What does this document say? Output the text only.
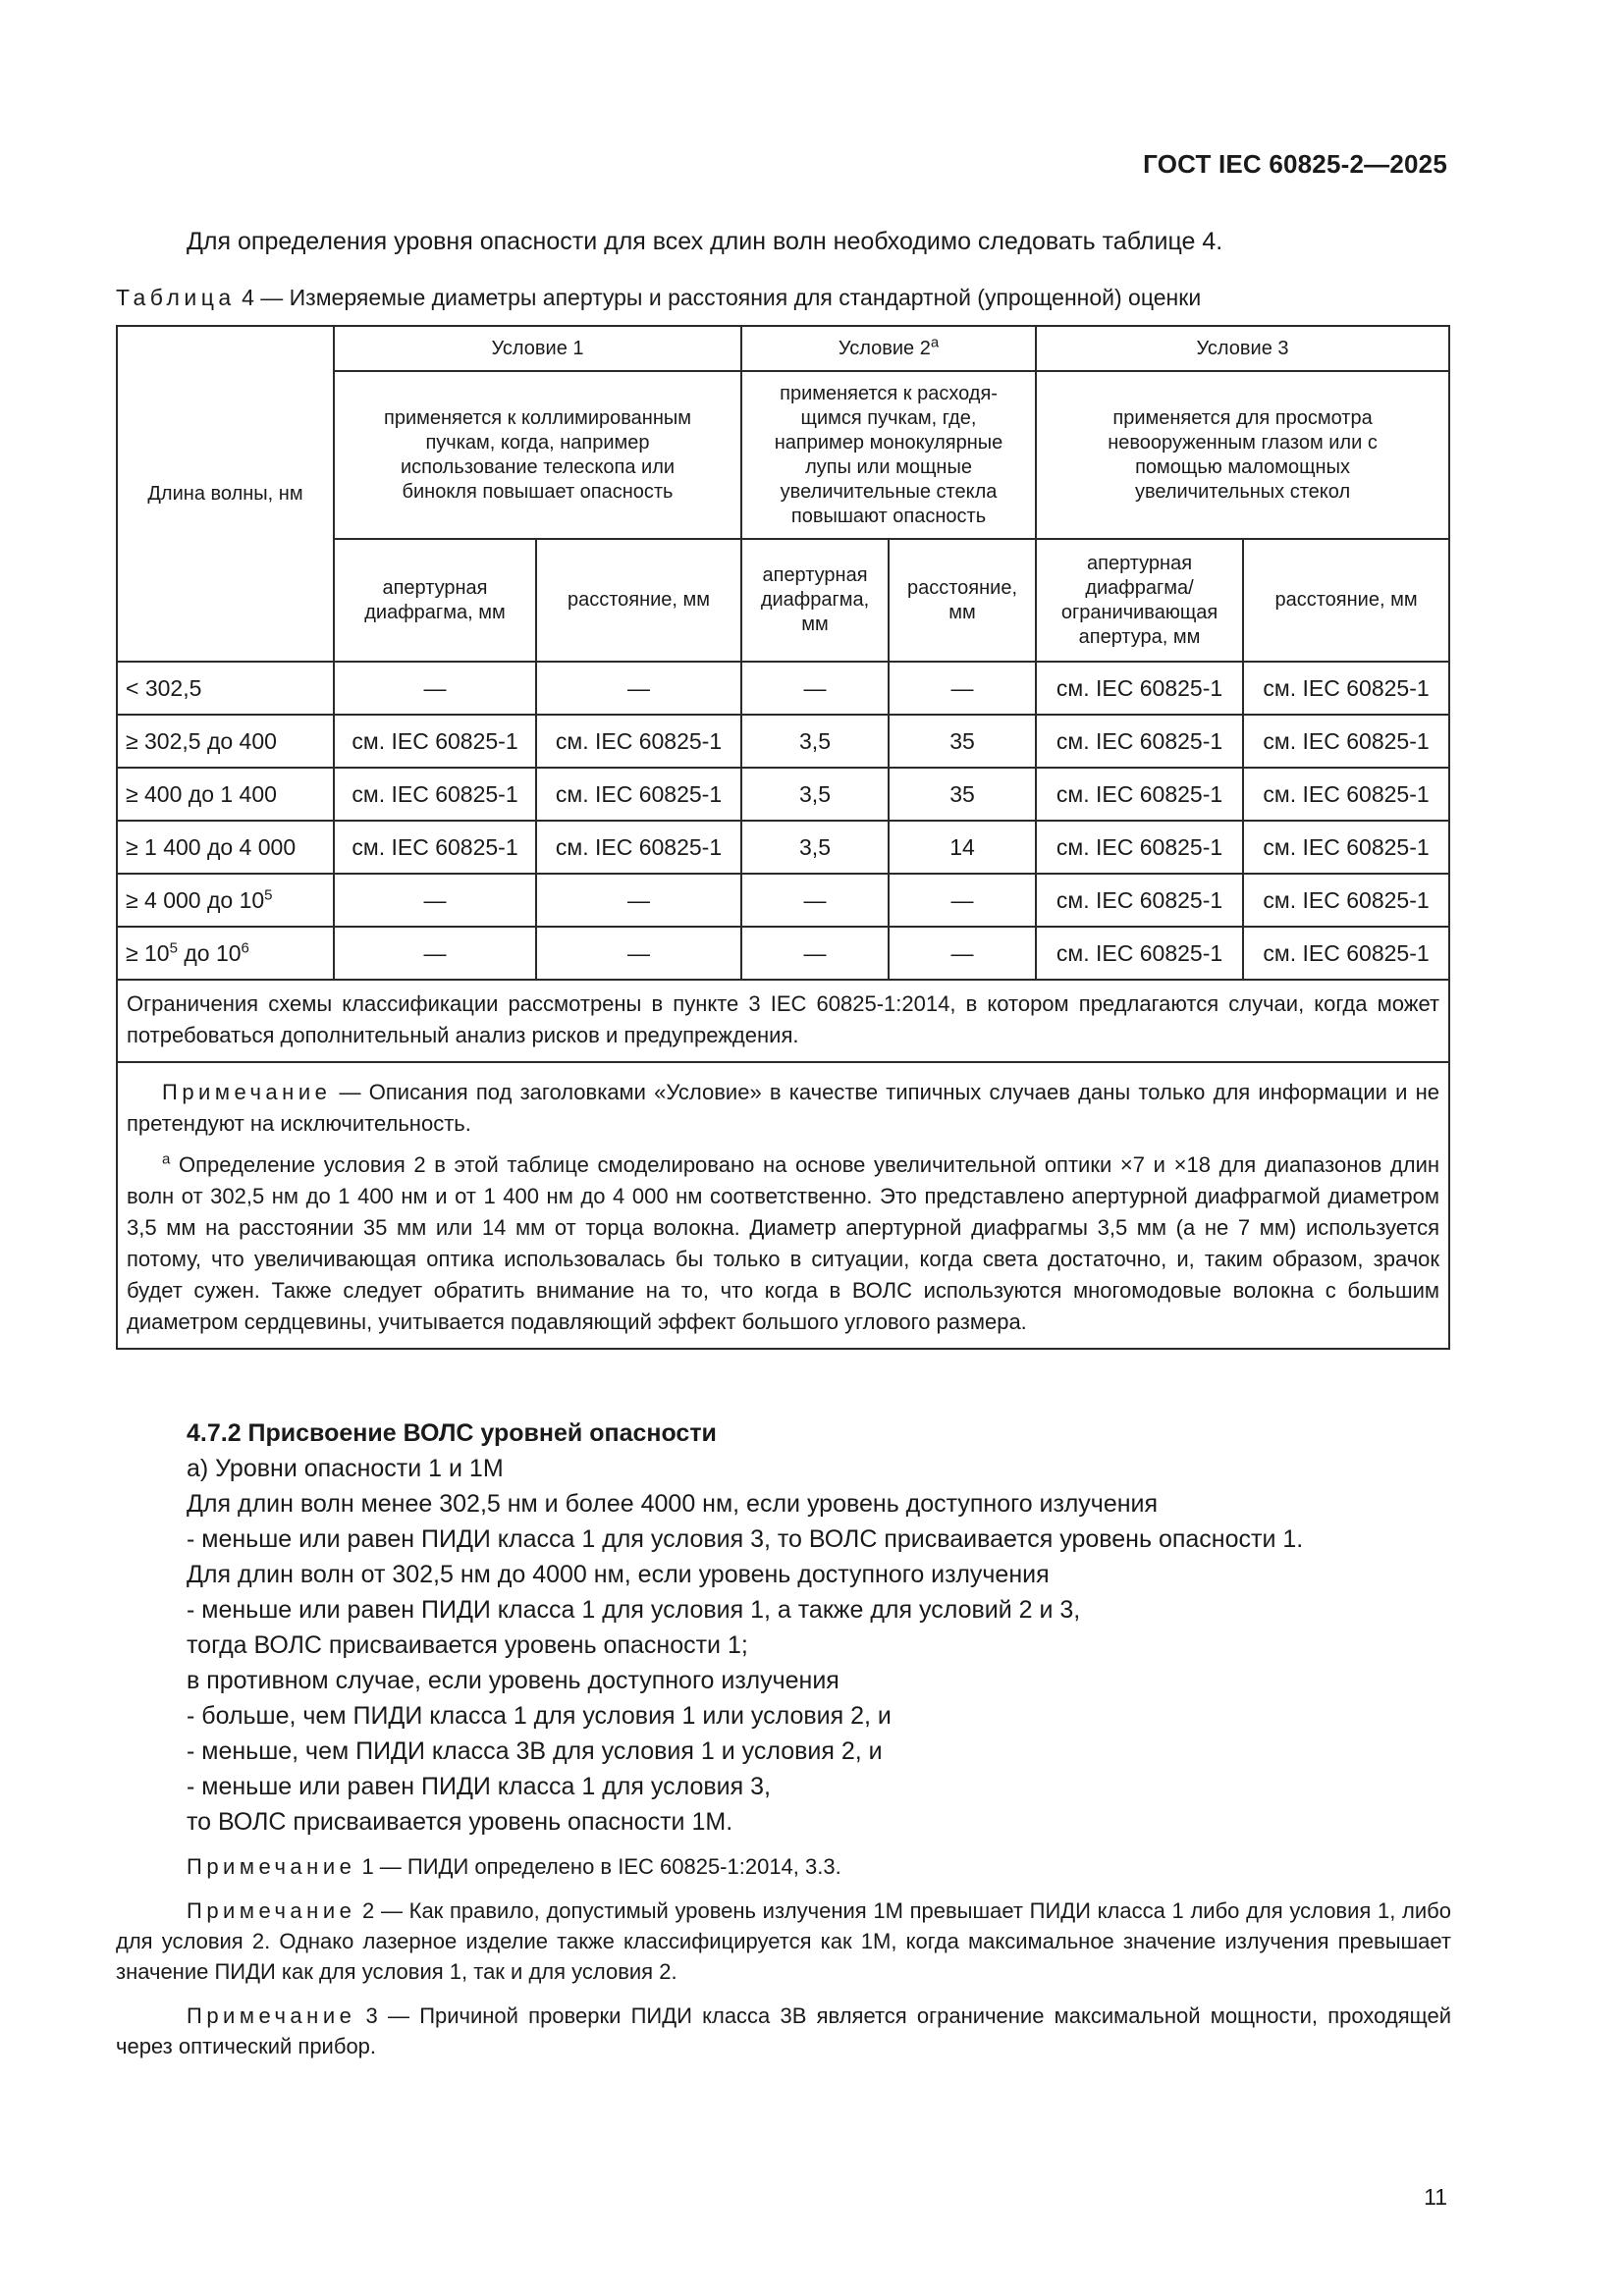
ГОСТ IEC 60825-2—2025
Для определения уровня опасности для всех длин волн необходимо следовать таблице 4.
Таблица 4 — Измеряемые диаметры апертуры и расстояния для стандартной (упрощенной) оценки
Длина волны, нм	Условие 1		Условие 2$^a$		Условие 3	
	применяется к коллимированным пучкам, когда, например использование телескопа или бинокля повышает опасность		применяется к расходя-щимся пучкам, где, например монокулярные лупы или мощные увеличительные стекла повышают опасность		применяется для просмотра невооруженным глазом или с помощью маломощных увеличительных стекол	
	апертурная диафрагма, мм	расстояние, мм	апертурная диафрагма, мм	расстояние, мм	апертурная диафрагма/ ограничивающая апертура, мм	расстояние, мм
< 302,5	—	—	—	—	см. IEC 60825-1	см. IEC 60825-1
≥ 302,5 до 400	см. IEC 60825-1	см. IEC 60825-1	3,5	35	см. IEC 60825-1	см. IEC 60825-1
≥ 400 до 1 400	см. IEC 60825-1	см. IEC 60825-1	3,5	35	см. IEC 60825-1	см. IEC 60825-1
≥ 1 400 до 4 000	см. IEC 60825-1	см. IEC 60825-1	3,5	14	см. IEC 60825-1	см. IEC 60825-1
≥ 4 000 до $10^5$	—	—	—	—	см. IEC 60825-1	см. IEC 60825-1
≥ $10^5$ до $10^6$	—	—	—	—	см. IEC 60825-1	см. IEC 60825-1

Ограничения схемы классификации рассмотрены в пункте 3 IEC 60825-1:2014, в котором предлагаются случаи, когда может потребоваться дополнительный анализ рисков и предупреждения.						

Примечание — Описания под заголовками «Условие» в качестве типичных случаев даны только для информации и не претендуют на исключительность.

$^a$ Определение условия 2 в этой таблице смоделировано на основе увеличительной оптики ×7 и ×18 для диапазонов длин волн от 302,5 нм до 1 400 нм и от 1 400 нм до 4 000 нм соответственно. Это представлено апертурной диафрагмой диаметром 3,5 мм на расстоянии 35 мм или 14 мм от торца волокна. Диаметр апертурной диафрагмы 3,5 мм (а не 7 мм) используется потому, что увеличивающая оптика использовалась бы только в ситуации, когда света достаточно, и, таким образом, зрачок будет сужен. Также следует обратить внимание на то, что когда в ВОЛС используются многомодовые волокна с большим диаметром сердцевины, учитывается подавляющий эффект большого углового размера.						

4.7.2 Присвоение ВОЛС уровней опасности
а) Уровни опасности 1 и 1М
Для длин волн менее 302,5 нм и более 4000 нм, если уровень доступного излучения
- меньше или равен ПИДИ класса 1 для условия 3, то ВОЛС присваивается уровень опасности 1.
Для длин волн от 302,5 нм до 4000 нм, если уровень доступного излучения
- меньше или равен ПИДИ класса 1 для условия 1, а также для условий 2 и 3,
тогда ВОЛС присваивается уровень опасности 1;
в противном случае, если уровень доступного излучения
- больше, чем ПИДИ класса 1 для условия 1 или условия 2, и
- меньше, чем ПИДИ класса 3В для условия 1 и условия 2, и
- меньше или равен ПИДИ класса 1 для условия 3,
то ВОЛС присваивается уровень опасности 1М.

Примечание 1 — ПИДИ определено в IEC 60825-1:2014, 3.3.

Примечание 2 — Как правило, допустимый уровень излучения 1М превышает ПИДИ класса 1 либо для условия 1, либо для условия 2. Однако лазерное изделие также классифицируется как 1М, когда максимальное значение излучения превышает значение ПИДИ как для условия 1, так и для условия 2.

Примечание 3 — Причиной проверки ПИДИ класса 3В является ограничение максимальной мощности, проходящей через оптический прибор.

11
